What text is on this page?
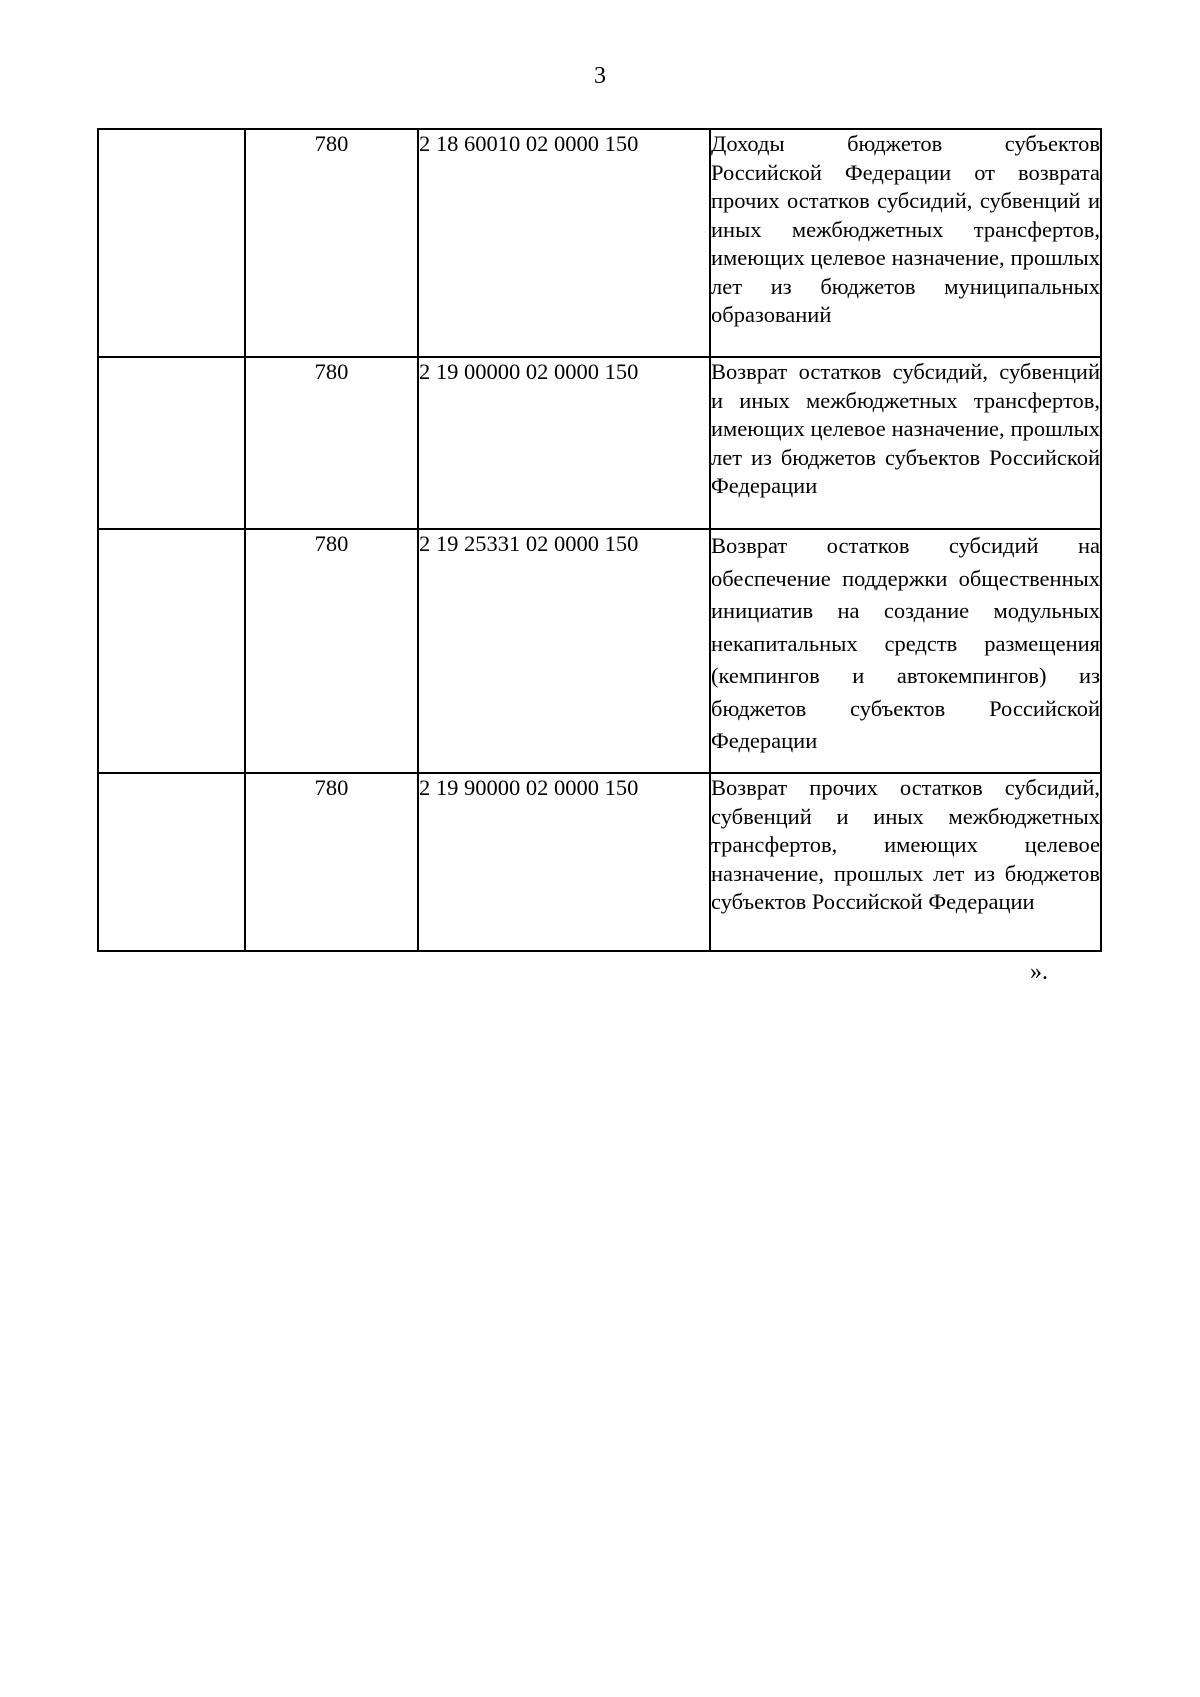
3
	780	2 18 60010 02 0000 150	Доходы бюджетов субъектов Российской Федерации от возврата прочих остатков субсидий, субвенций и иных межбюджетных трансфертов, имеющих целевое назначение, прошлых лет из бюджетов муниципальных образований
	780	2 19 00000 02 0000 150	Возврат остатков субсидий, субвенций и иных межбюджетных трансфертов, имеющих целевое назначение, прошлых лет из бюджетов субъектов Российской Федерации
	780	2 19 25331 02 0000 150	Возврат остатков субсидий на обеспечение поддержки общественных инициатив на создание модульных некапитальных средств размещения (кемпингов и автокемпингов) из бюджетов субъектов Российской Федерации
	780	2 19 90000 02 0000 150	Возврат прочих остатков субсидий, субвенций и иных межбюджетных трансфертов, имеющих целевое назначение, прошлых лет из бюджетов субъектов Российской Федерации
».
